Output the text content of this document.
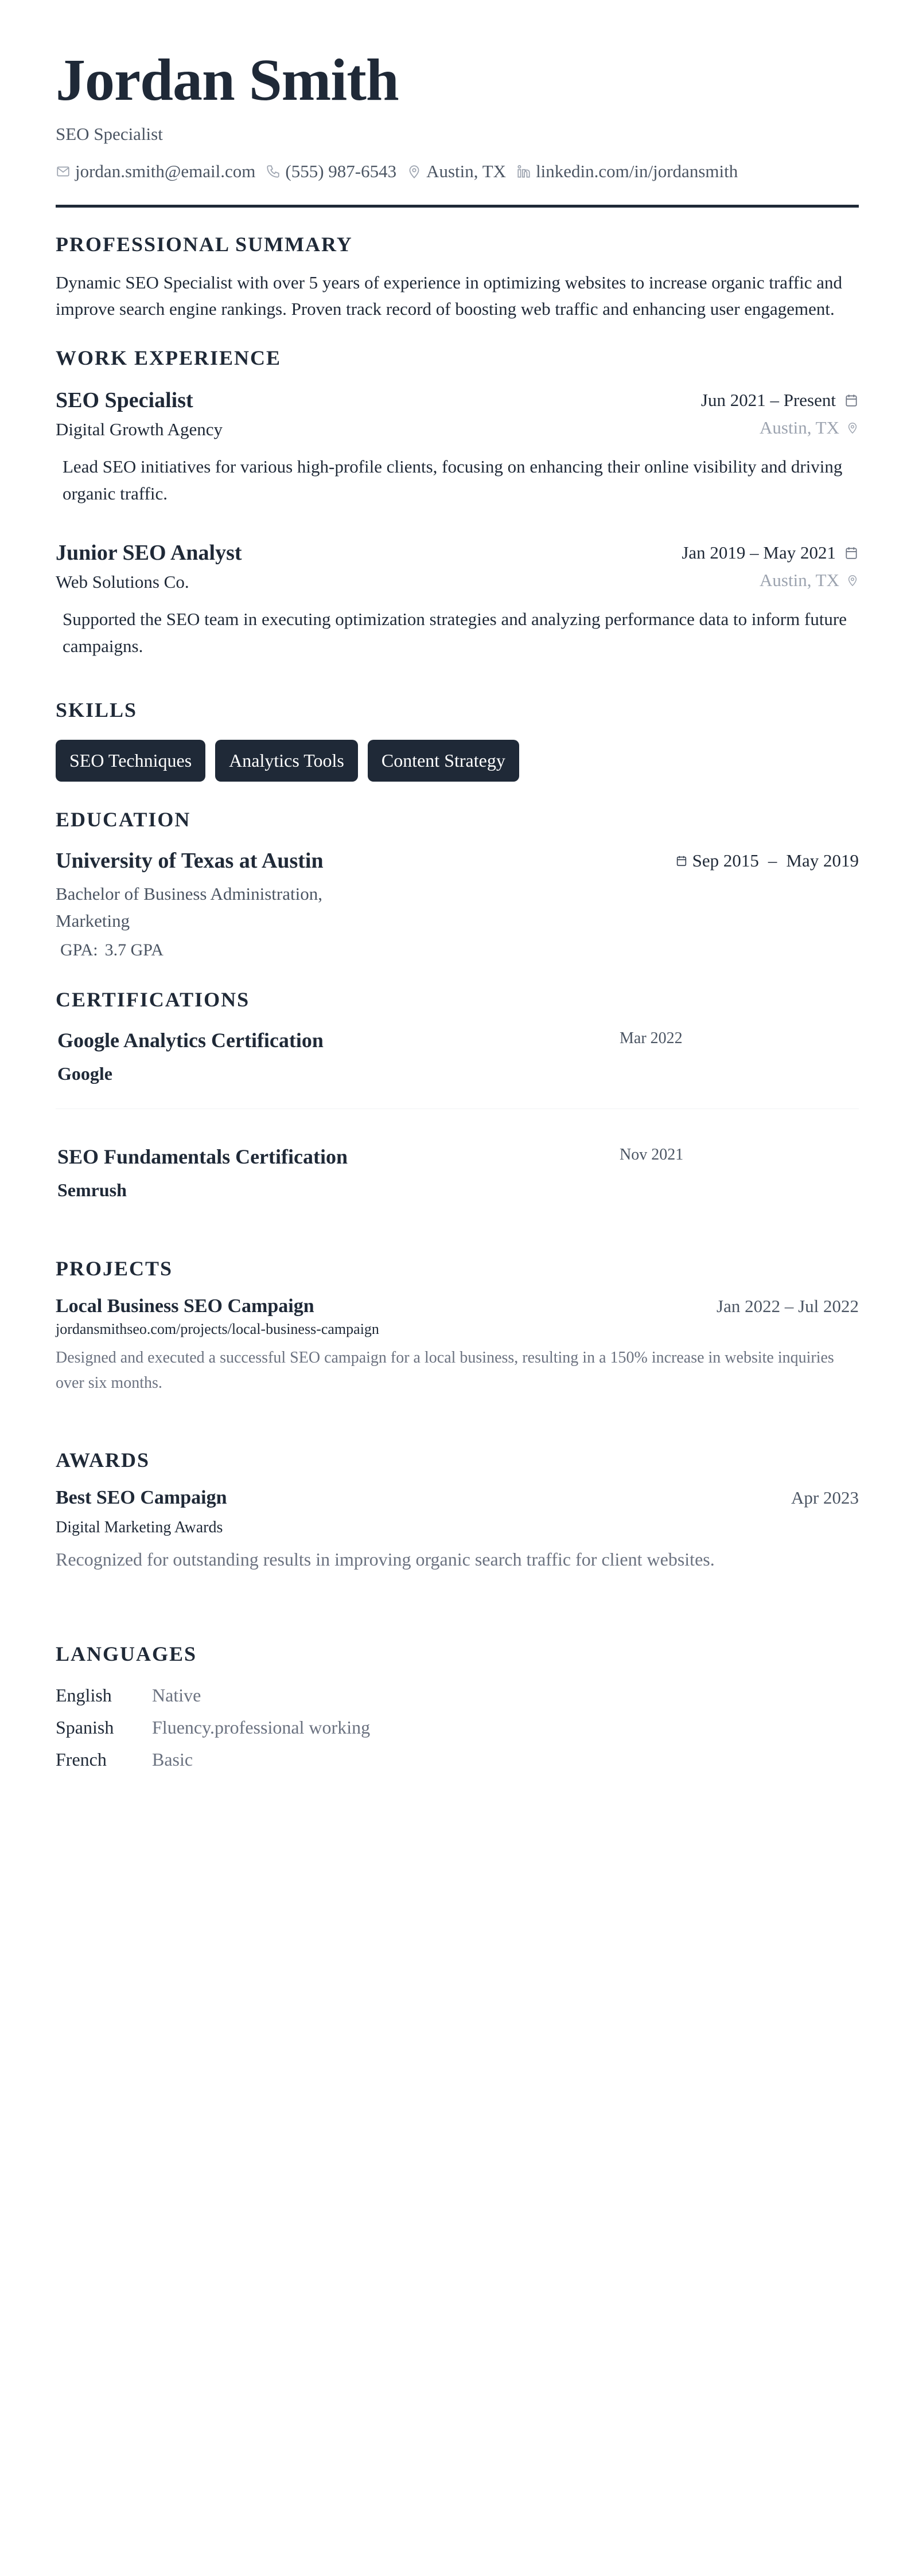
Jordan Smith
SEO Specialist
jordan.smith@email.com (555) 987-6543 Austin, TX linkedin.com/in/jordansmith
PROFESSIONAL SUMMARY

Dynamic SEO Specialist with over 5 years of experience in optimizing websites to increase organic traffic and improve search engine rankings. Proven track record of boosting web traffic and enhancing user engagement.

WORK EXPERIENCE
SEO Specialist	Jun 2021 – Present
Digital Growth Agency	Austin, TX

Lead SEO initiatives for various high-profile clients, focusing on enhancing their online visibility and driving organic traffic.

Junior SEO Analyst	Jan 2019 – May 2021
Web Solutions Co.	Austin, TX

Supported the SEO team in executing optimization strategies and analyzing performance data to inform future campaigns.

SKILLS
SEO Techniques	Analytics Tools	Content Strategy
EDUCATION
University of Texas at Austin	Sep 2015 – May 2019
Bachelor of Business Administration, Marketing
GPA: 3.7 GPA
CERTIFICATIONS
Google Analytics Certification
Google
Mar 2022
SEO Fundamentals Certification
Semrush
Nov 2021
PROJECTS
Local Business SEO Campaign	Jan 2022 – Jul 2022
jordansmithseo.com/projects/local-business-campaign

Designed and executed a successful SEO campaign for a local business, resulting in a 150% increase in website inquiries over six months.

AWARDS
Best SEO Campaign	Apr 2023
Digital Marketing Awards

Recognized for outstanding results in improving organic search traffic for client websites.

LANGUAGES
English	Native
Spanish	Fluency.professional working
French	Basic
